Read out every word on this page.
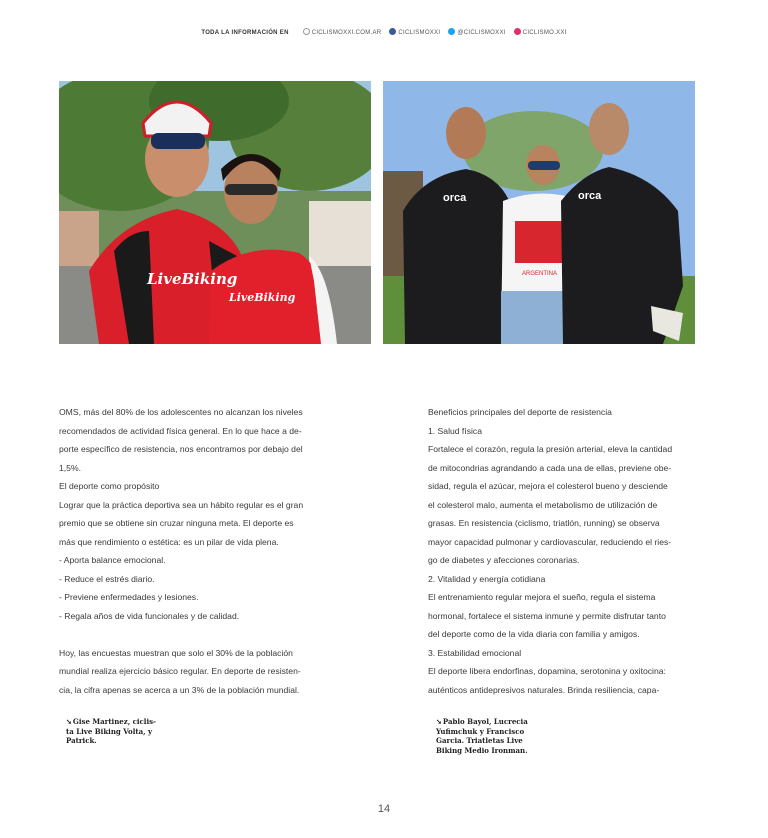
TODA LA INFORMACIÓN EN	CICLISMOXXI.COM.AR	CICLISMOXXI	@CICLISMOXXI	CICLISMO.XXI
LiveBiking
LiveBiking
orca
ARGENTINA
orca

OMS, más del 80% de los adolescentes no alcanzan los niveles

recomendados de actividad física general. En lo que hace a de-

porte específico de resistencia, nos encontramos por debajo del

1,5%.

El deporte como propósito

Lograr que la práctica deportiva sea un hábito regular es el gran

premio que se obtiene sin cruzar ninguna meta. El deporte es

más que rendimiento o estética: es un pilar de vida plena.

- Aporta balance emocional.

- Reduce el estrés diario.

- Previene enfermedades y lesiones.

- Regala años de vida funcionales y de calidad.

Hoy, las encuestas muestran que solo el 30% de la población

mundial realiza ejercicio básico regular. En deporte de resisten-

cia, la cifra apenas se acerca a un 3% de la población mundial.

Beneficios principales del deporte de resistencia

1. Salud física

Fortalece el corazón, regula la presión arterial, eleva la cantidad

de mitocondrias agrandando a cada una de ellas, previene obe-

sidad, regula el azúcar, mejora el colesterol bueno y desciende

el colesterol malo, aumenta el metabolismo de utilización de

grasas. En resistencia (ciclismo, triatlón, running) se observa

mayor capacidad pulmonar y cardiovascular, reduciendo el ries-

go de diabetes y afecciones coronarias.

2. Vitalidad y energía cotidiana

El entrenamiento regular mejora el sueño, regula el sistema

hormonal, fortalece el sistema inmune y permite disfrutar tanto

del deporte como de la vida diaria con familia y amigos.

3. Estabilidad emocional

El deporte libera endorfinas, dopamina, serotonina y oxitocina:

auténticos antidepresivos naturales. Brinda resiliencia, capa-

➘Gise Martinez, ciclis-
ta Live Biking Volta, y
Patrick.
➘Pablo Bayol, Lucrecia
Yufimchuk y Francisco
Garcia. Triatletas Live
Biking Medio Ironman.
14
